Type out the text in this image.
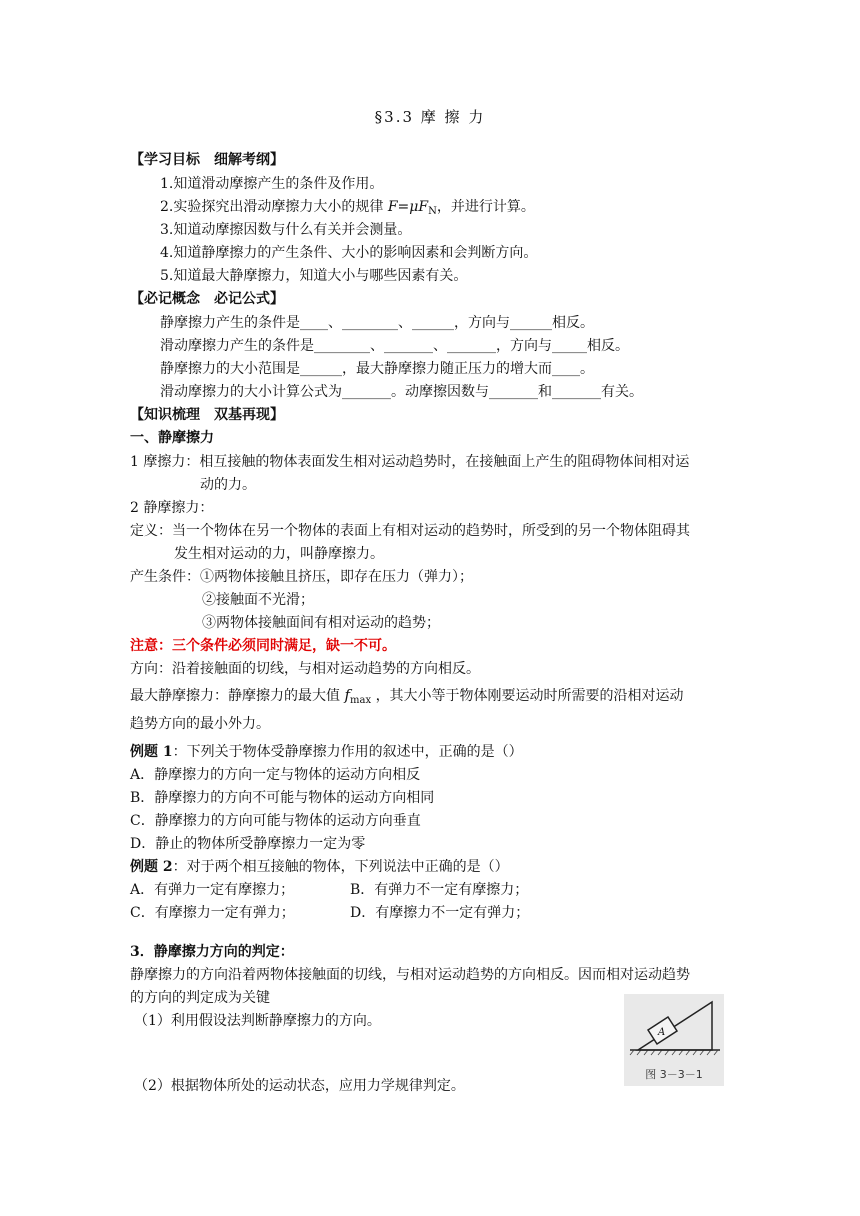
§3.3 摩 擦 力
【学习目标　细解考纲】
1.知道滑动摩擦产生的条件及作用。
2.实验探究出滑动摩擦力大小的规律 $F=\mu F_N$，并进行计算。
3.知道动摩擦因数与什么有关并会测量。
4.知道静摩擦力的产生条件、大小的影响因素和会判断方向。
5.知道最大静摩擦力，知道大小与哪些因素有关。
【必记概念　必记公式】
静摩擦力产生的条件是____、________、______，方向与______相反。
滑动摩擦力产生的条件是________、_______、_______，方向与_____相反。
静摩擦力的大小范围是______，最大静摩擦力随正压力的增大而____。
滑动摩擦力的大小计算公式为_______。动摩擦因数与_______和_______有关。
【知识梳理　双基再现】
一、静摩擦力
1 摩擦力：相互接触的物体表面发生相对运动趋势时，在接触面上产生的阻碍物体间相对运
动的力。
2 静摩擦力：
定义：当一个物体在另一个物体的表面上有相对运动的趋势时，所受到的另一个物体阻碍其
发生相对运动的力，叫静摩擦力。
产生条件：①两物体接触且挤压，即存在压力（弹力）；
②接触面不光滑；
③两物体接触面间有相对运动的趋势；
注意：三个条件必须同时满足，缺一不可。
方向：沿着接触面的切线，与相对运动趋势的方向相反。
最大静摩擦力：静摩擦力的最大值 $f_{max}$ ，其大小等于物体刚要运动时所需要的沿相对运动
趋势方向的最小外力。
例题 1：下列关于物体受静摩擦力作用的叙述中，正确的是（）
A．静摩擦力的方向一定与物体的运动方向相反
B．静摩擦力的方向不可能与物体的运动方向相同
C．静摩擦力的方向可能与物体的运动方向垂直
D．静止的物体所受静摩擦力一定为零
例题 2：对于两个相互接触的物体，下列说法中正确的是（）
A．有弹力一定有摩擦力；	B．有弹力不一定有摩擦力；
C．有摩擦力一定有弹力；	D．有摩擦力不一定有弹力；
3．静摩擦力方向的判定：
静摩擦力的方向沿着两物体接触面的切线，与相对运动趋势的方向相反。因而相对运动趋势
的方向的判定成为关键
（1）利用假设法判断静摩擦力的方向。
（2）根据物体所处的运动状态，应用力学规律判定。
A
图 3－3－1
